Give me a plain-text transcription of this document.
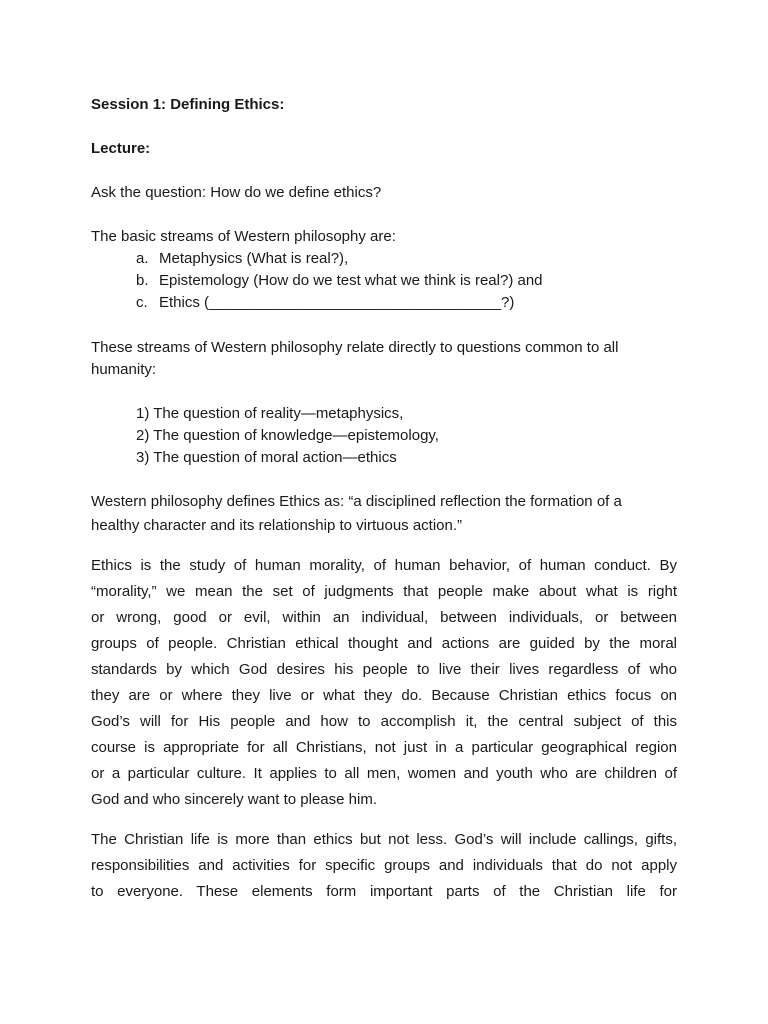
Session 1: Defining Ethics:
Lecture:
Ask the question: How do we define ethics?
The basic streams of Western philosophy are:
a. Metaphysics (What is real?),
b. Epistemology (How do we test what we think is real?) and
c. Ethics (___________________________________?)
These streams of Western philosophy relate directly to questions common to all
humanity:
1) The question of reality—metaphysics,
2) The question of knowledge—epistemology,
3) The question of moral action—ethics
Western philosophy defines Ethics as: “a disciplined reflection the formation of a
healthy character and its relationship to virtuous action.”
Ethics is the study of human morality, of human behavior, of human conduct. By
“morality,” we mean the set of judgments that people make about what is right
or wrong, good or evil, within an individual, between individuals, or between
groups of people. Christian ethical thought and actions are guided by the moral
standards by which God desires his people to live their lives regardless of who
they are or where they live or what they do. Because Christian ethics focus on
God’s will for His people and how to accomplish it, the central subject of this
course is appropriate for all Christians, not just in a particular geographical region
or a particular culture. It applies to all men, women and youth who are children of
God and who sincerely want to please him.
The Christian life is more than ethics but not less. God’s will include callings, gifts,
responsibilities and activities for specific groups and individuals that do not apply
to everyone. These elements form important parts of the Christian life for
